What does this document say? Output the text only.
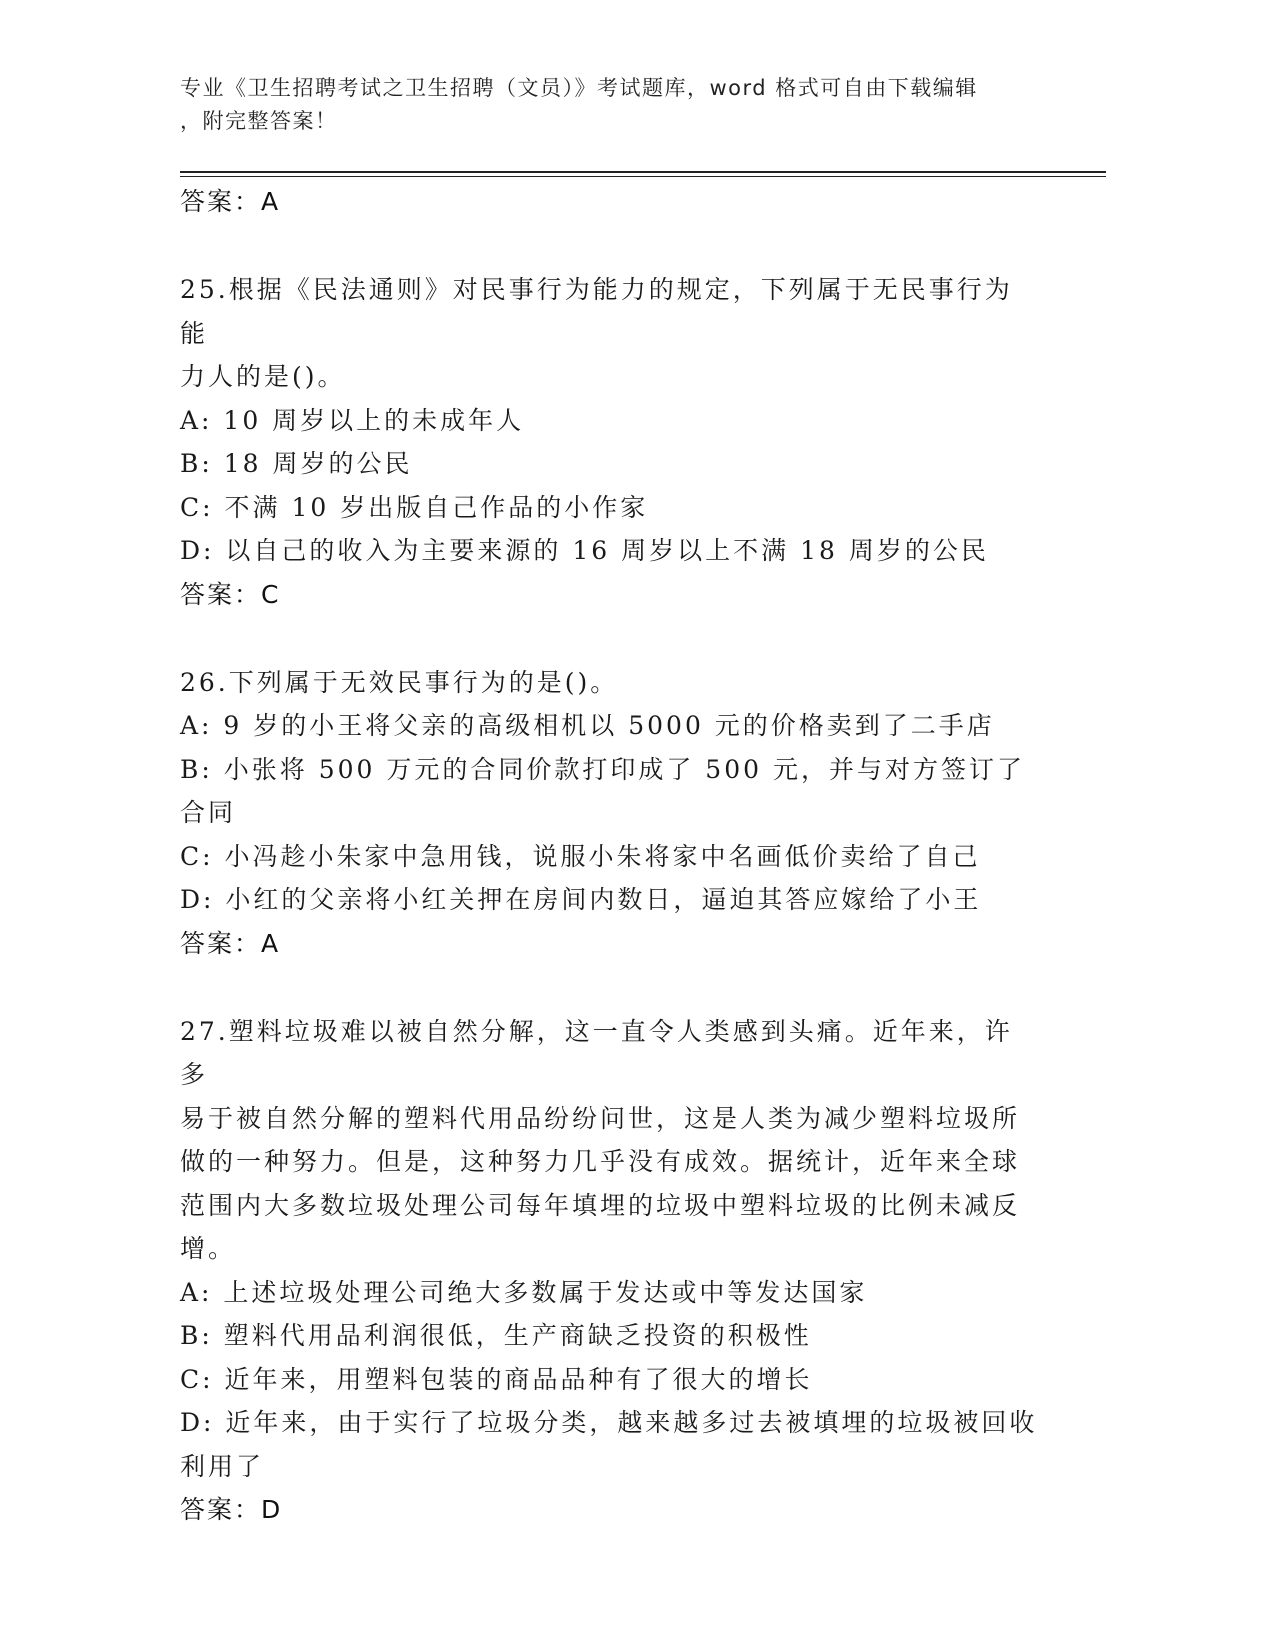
专业《卫生招聘考试之卫生招聘（文员）》考试题库，word 格式可自由下载编辑
，附完整答案！
答案：A
25.根据《民法通则》对民事行为能力的规定，下列属于无民事行为能
力人的是()。
A: 10 周岁以上的未成年人
B: 18 周岁的公民
C: 不满 10 岁出版自己作品的小作家
D: 以自己的收入为主要来源的 16 周岁以上不满 18 周岁的公民
答案：C
26.下列属于无效民事行为的是()。
A: 9 岁的小王将父亲的高级相机以 5000 元的价格卖到了二手店
B: 小张将 500 万元的合同价款打印成了 500 元，并与对方签订了合同
C: 小冯趁小朱家中急用钱，说服小朱将家中名画低价卖给了自己
D: 小红的父亲将小红关押在房间内数日，逼迫其答应嫁给了小王
答案：A
27.塑料垃圾难以被自然分解，这一直令人类感到头痛。近年来，许多
易于被自然分解的塑料代用品纷纷问世，这是人类为减少塑料垃圾所
做的一种努力。但是，这种努力几乎没有成效。据统计，近年来全球
范围内大多数垃圾处理公司每年填埋的垃圾中塑料垃圾的比例未减反
增。
A: 上述垃圾处理公司绝大多数属于发达或中等发达国家
B: 塑料代用品利润很低，生产商缺乏投资的积极性
C: 近年来，用塑料包装的商品品种有了很大的增长
D: 近年来，由于实行了垃圾分类，越来越多过去被填埋的垃圾被回收
利用了
答案：D
